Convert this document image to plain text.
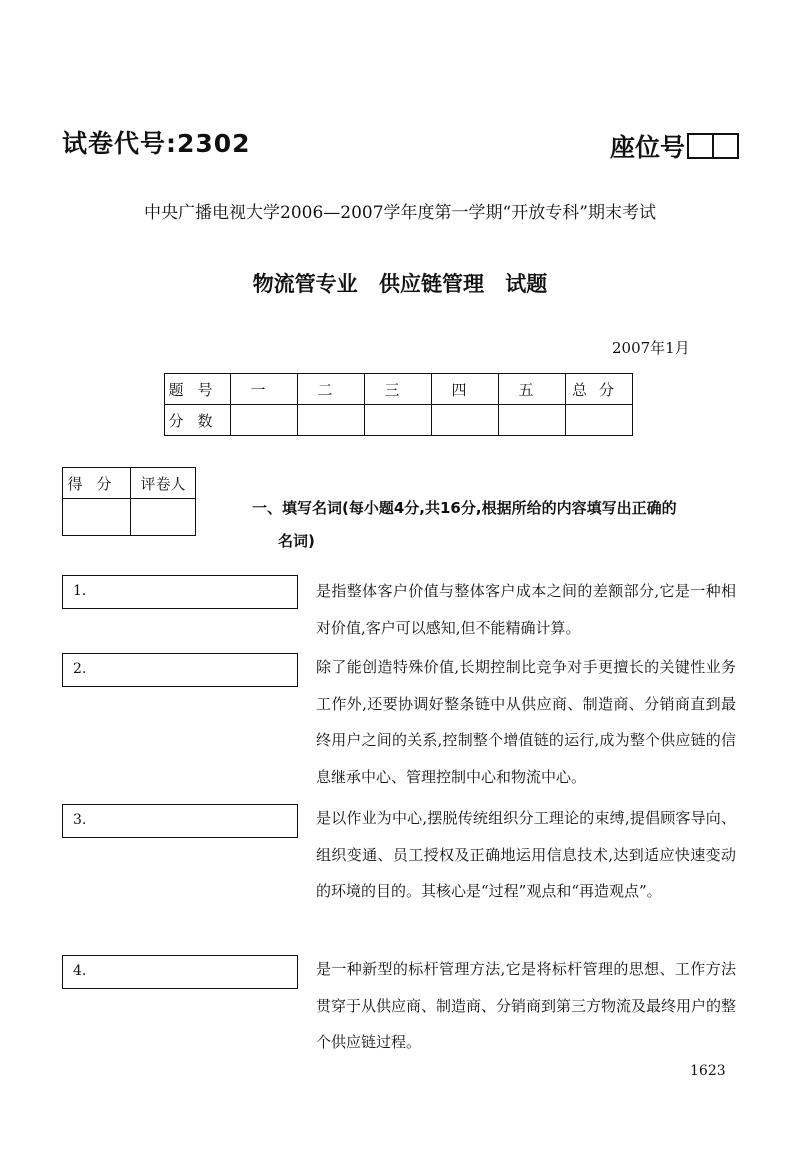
试卷代号:2302	座位号
中央广播电视大学2006—2007学年度第一学期“开放专科”期末考试
物流管专业 供应链管理 试题
2007年1月
题号	一	二	三	四	五	总分
分数						
得分	评卷人

一、填写名词(每小题4分,共16分,根据所给的内容填写出正确的
名词)
1.	是指整体客户价值与整体客户成本之间的差额部分,它是一种相对价值,客户可以感知,但不能精确计算。
2.	除了能创造特殊价值,长期控制比竞争对手更擅长的关键性业务工作外,还要协调好整条链中从供应商、制造商、分销商直到最终用户之间的关系,控制整个增值链的运行,成为整个供应链的信息继承中心、管理控制中心和物流中心。
3.	是以作业为中心,摆脱传统组织分工理论的束缚,提倡顾客导向、组织变通、员工授权及正确地运用信息技术,达到适应快速变动的环境的目的。其核心是“过程”观点和“再造观点”。
4.	是一种新型的标杆管理方法,它是将标杆管理的思想、工作方法贯穿于从供应商、制造商、分销商到第三方物流及最终用户的整个供应链过程。
1623
